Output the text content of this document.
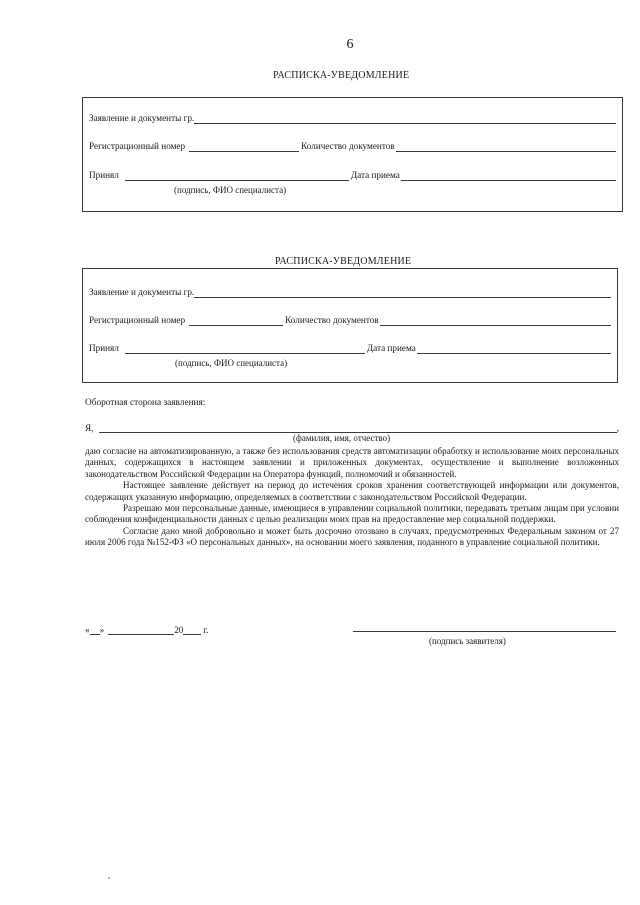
6
РАСПИСКА-УВЕДОМЛЕНИЕ
Заявление и документы гр.
Регистрационный номер	Количество документов
Принял	Дата приема
(подпись, ФИО специалиста)
РАСПИСКА-УВЕДОМЛЕНИЕ
Заявление и документы гр.
Регистрационный номер	Количество документов
Принял	Дата приема
(подпись, ФИО специалиста)
Оборотная сторона заявления:
Я,	,
(фамилия, имя, отчество)

даю согласие на автоматизированную, а также без использования средств автоматизации обработку и использование моих персональных данных, содержащихся в настоящем заявлении и приложенных документах, осуществление и выполнение возложенных законодательством Российской Федерации на Оператора функций, полномочий и обязанностей.

Настоящее заявление действует на период до истечения сроков хранения соответствующей информации или документов, содержащих указанную информацию, определяемых в соответствии с законодательством Российской Федерации.

Разрешаю мои персональные данные, имеющиеся в управлении социальной политики, передавать третьим лицам при условии соблюдения конфиденциальности данных с целью реализации моих прав на предоставление мер социальной поддержки.

Согласие дано мной добровольно и может быть досрочно отозвано в случаях, предусмотренных Федеральным законом от 27 июля 2006 года №152-ФЗ «О персональных данных», на основании моего заявления, поданного в управление социальной политики.

« »	20 г.
(подпись заявителя)
